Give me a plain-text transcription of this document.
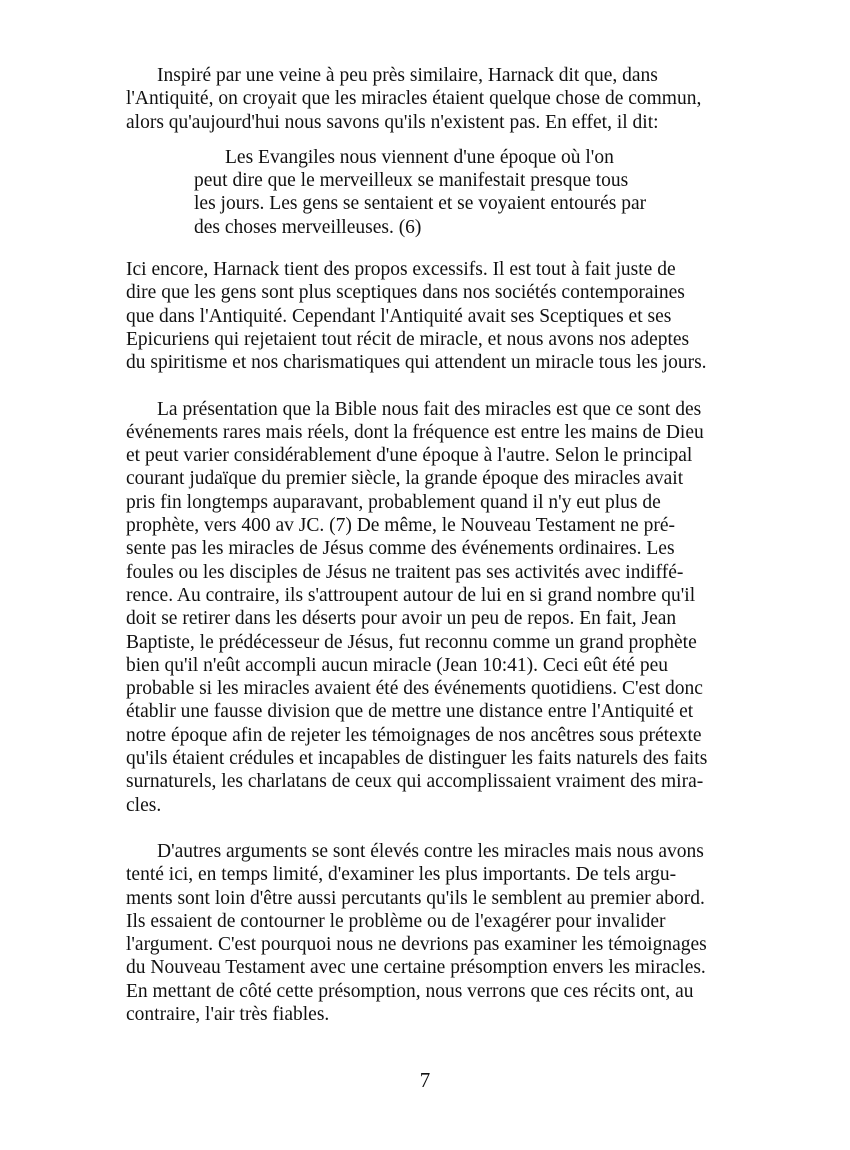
Inspiré par une veine à peu près similaire, Harnack dit que, dans
l'Antiquité, on croyait que les miracles étaient quelque chose de commun,
alors qu'aujourd'hui nous savons qu'ils n'existent pas. En effet, il dit:

Les Evangiles nous viennent d'une époque où l'on
peut dire que le merveilleux se manifestait presque tous
les jours. Les gens se sentaient et se voyaient entourés par
des choses merveilleuses. (6)

Ici encore, Harnack tient des propos excessifs. Il est tout à fait juste de
dire que les gens sont plus sceptiques dans nos sociétés contemporaines
que dans l'Antiquité. Cependant l'Antiquité avait ses Sceptiques et ses
Epicuriens qui rejetaient tout récit de miracle, et nous avons nos adeptes
du spiritisme et nos charismatiques qui attendent un miracle tous les jours.

La présentation que la Bible nous fait des miracles est que ce sont des
événements rares mais réels, dont la fréquence est entre les mains de Dieu
et peut varier considérablement d'une époque à l'autre. Selon le principal
courant judaïque du premier siècle, la grande époque des miracles avait
pris fin longtemps auparavant, probablement quand il n'y eut plus de
prophète, vers 400 av JC. (7) De même, le Nouveau Testament ne pré-
sente pas les miracles de Jésus comme des événements ordinaires. Les
foules ou les disciples de Jésus ne traitent pas ses activités avec indiffé-
rence. Au contraire, ils s'attroupent autour de lui en si grand nombre qu'il
doit se retirer dans les déserts pour avoir un peu de repos. En fait, Jean
Baptiste, le prédécesseur de Jésus, fut reconnu comme un grand prophète
bien qu'il n'eût accompli aucun miracle (Jean 10:41). Ceci eût été peu
probable si les miracles avaient été des événements quotidiens. C'est donc
établir une fausse division que de mettre une distance entre l'Antiquité et
notre époque afin de rejeter les témoignages de nos ancêtres sous prétexte
qu'ils étaient crédules et incapables de distinguer les faits naturels des faits
surnaturels, les charlatans de ceux qui accomplissaient vraiment des mira-
cles.

D'autres arguments se sont élevés contre les miracles mais nous avons
tenté ici, en temps limité, d'examiner les plus importants. De tels argu-
ments sont loin d'être aussi percutants qu'ils le semblent au premier abord.
Ils essaient de contourner le problème ou de l'exagérer pour invalider
l'argument. C'est pourquoi nous ne devrions pas examiner les témoignages
du Nouveau Testament avec une certaine présomption envers les miracles.
En mettant de côté cette présomption, nous verrons que ces récits ont, au
contraire, l'air très fiables.

7
